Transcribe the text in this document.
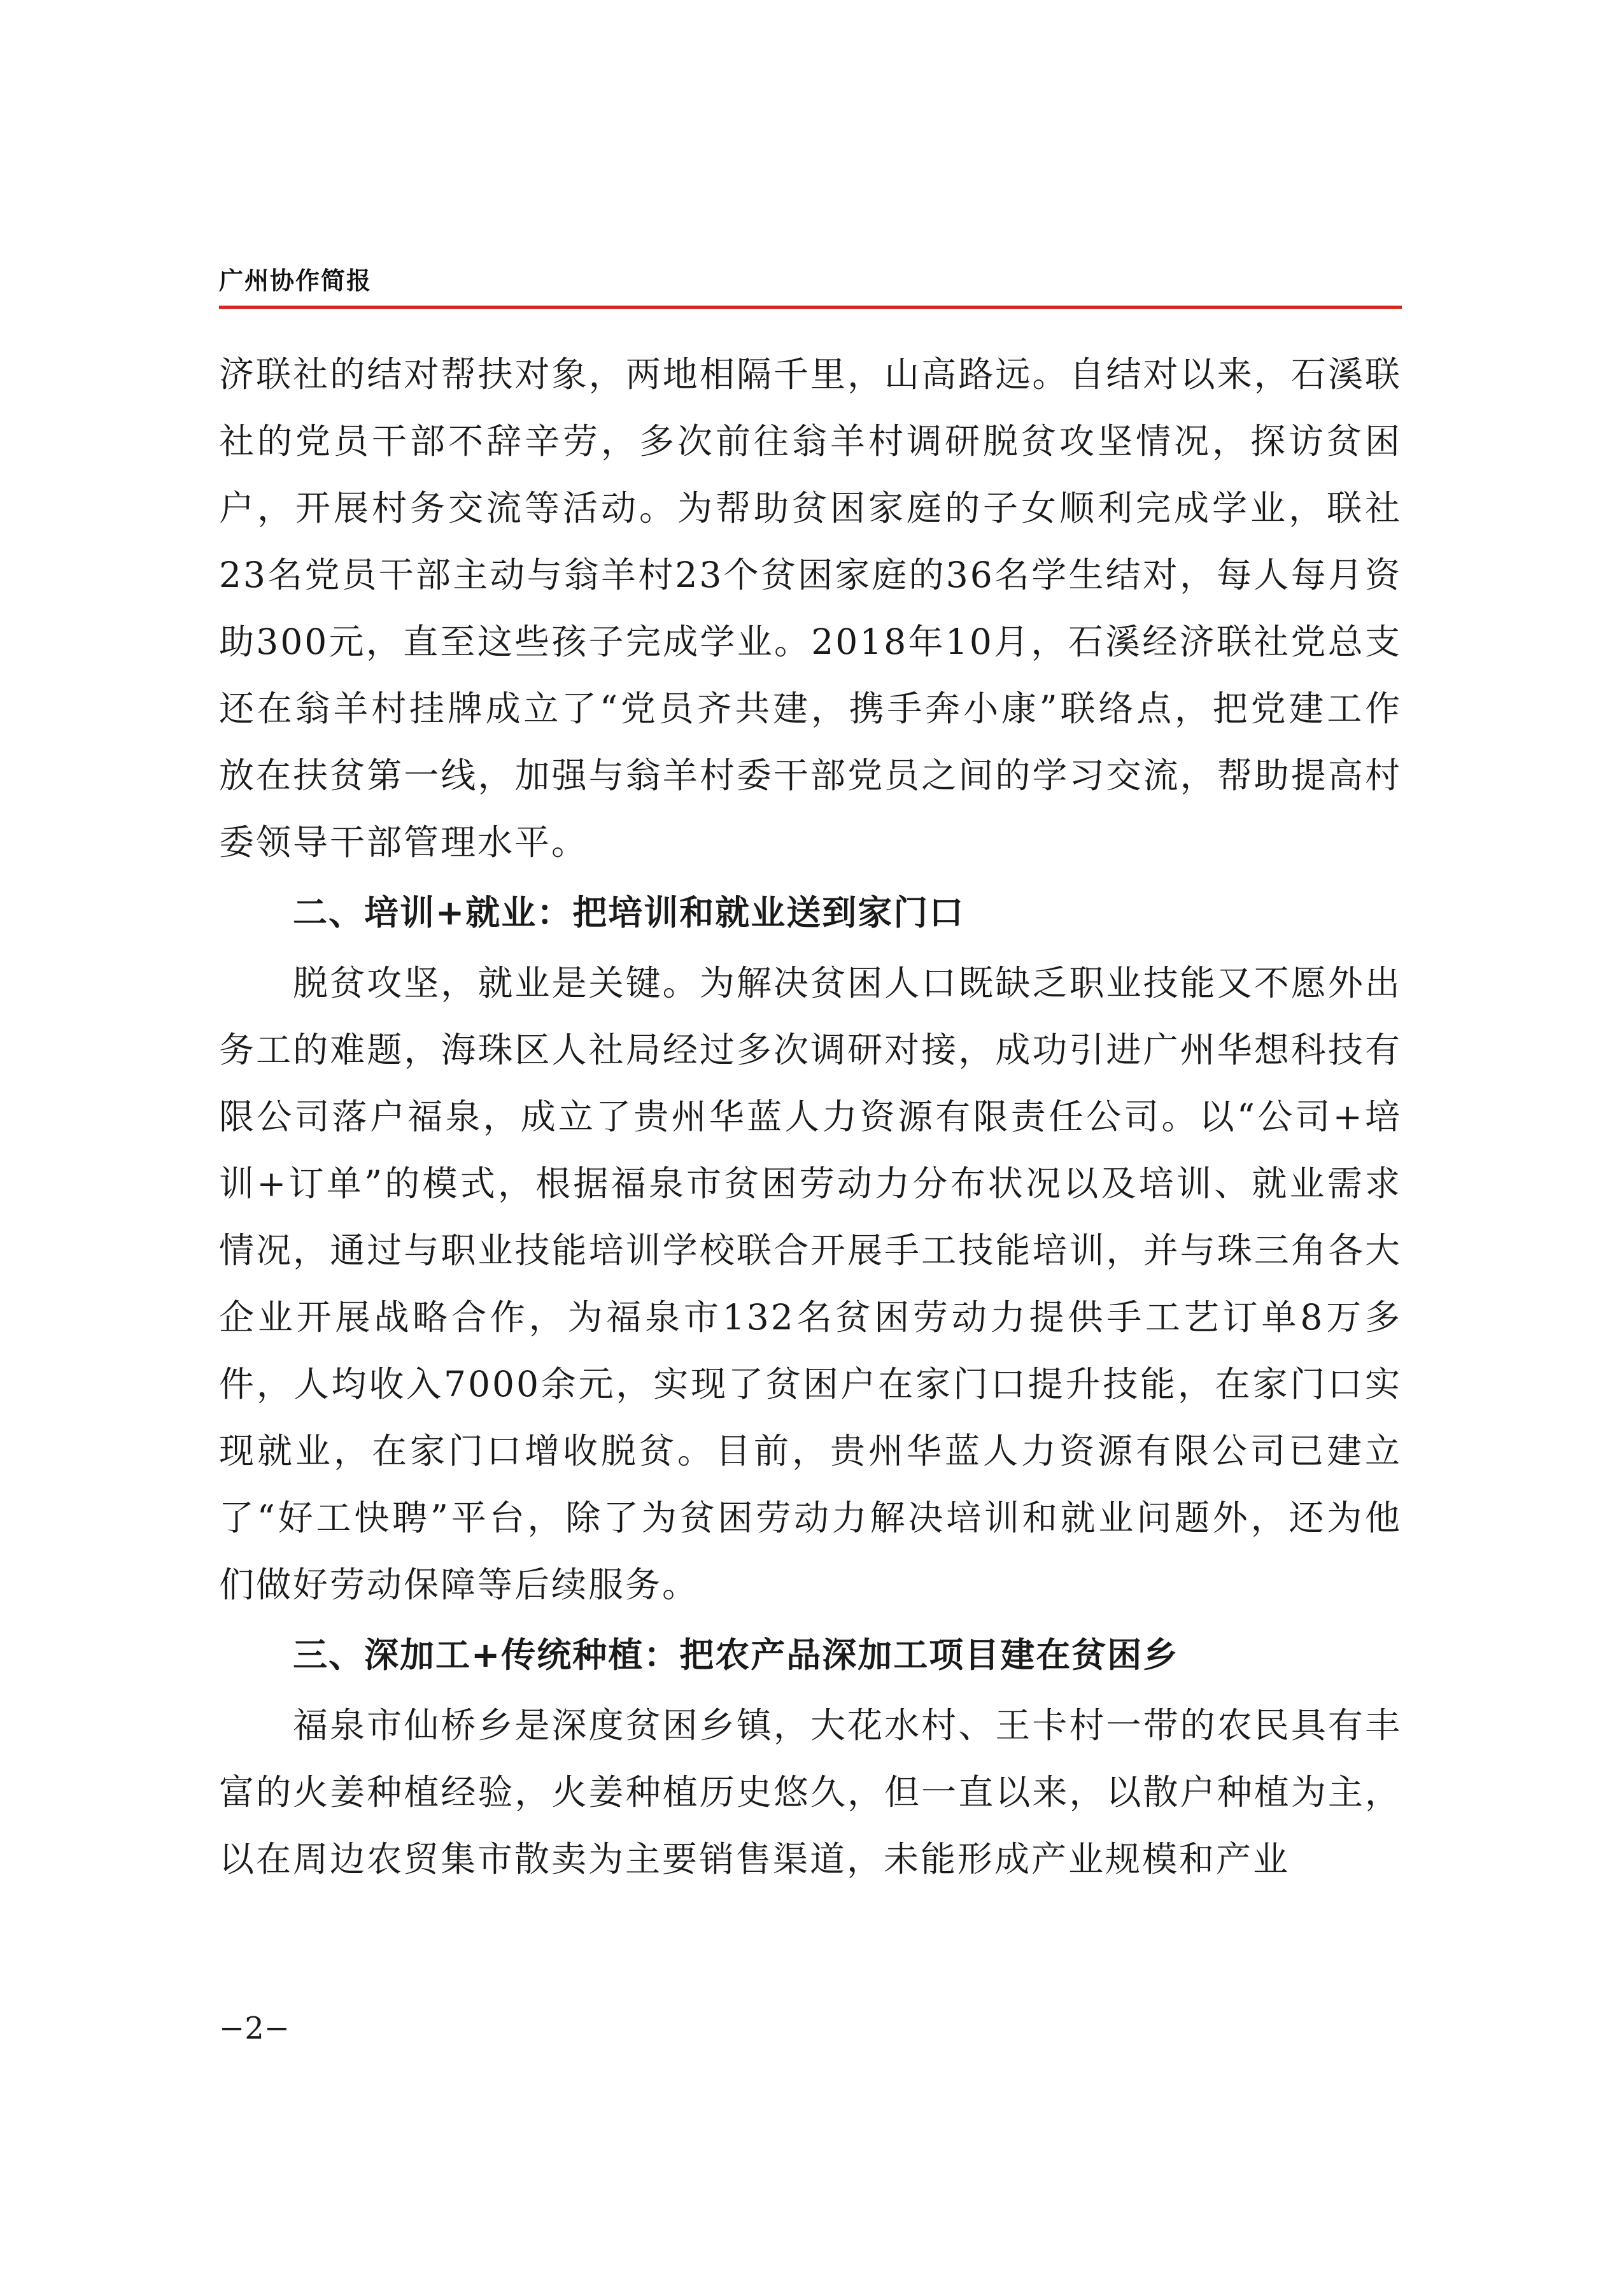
广州协作简报

济联社的结对帮扶对象，两地相隔千里，山高路远。自结对以来，石溪联社的党员干部不辞辛劳，多次前往翁羊村调研脱贫攻坚情况，探访贫困户，开展村务交流等活动。为帮助贫困家庭的子女顺利完成学业，联社23名党员干部主动与翁羊村23个贫困家庭的36名学生结对，每人每月资助300元，直至这些孩子完成学业。2018年10月，石溪经济联社党总支还在翁羊村挂牌成立了“党员齐共建，携手奔小康”联络点，把党建工作放在扶贫第一线，加强与翁羊村委干部党员之间的学习交流，帮助提高村委领导干部管理水平。

二、培训+就业：把培训和就业送到家门口

脱贫攻坚，就业是关键。为解决贫困人口既缺乏职业技能又不愿外出务工的难题，海珠区人社局经过多次调研对接，成功引进广州华想科技有限公司落户福泉，成立了贵州华蓝人力资源有限责任公司。以“公司+培训+订单”的模式，根据福泉市贫困劳动力分布状况以及培训、就业需求情况，通过与职业技能培训学校联合开展手工技能培训，并与珠三角各大企业开展战略合作，为福泉市132名贫困劳动力提供手工艺订单8万多件，人均收入7000余元，实现了贫困户在家门口提升技能，在家门口实现就业，在家门口增收脱贫。目前，贵州华蓝人力资源有限公司已建立了“好工快聘”平台，除了为贫困劳动力解决培训和就业问题外，还为他们做好劳动保障等后续服务。

三、深加工+传统种植：把农产品深加工项目建在贫困乡

福泉市仙桥乡是深度贫困乡镇，大花水村、王卡村一带的农民具有丰富的火姜种植经验，火姜种植历史悠久，但一直以来，以散户种植为主，以在周边农贸集市散卖为主要销售渠道，未能形成产业规模和产业

−2−
